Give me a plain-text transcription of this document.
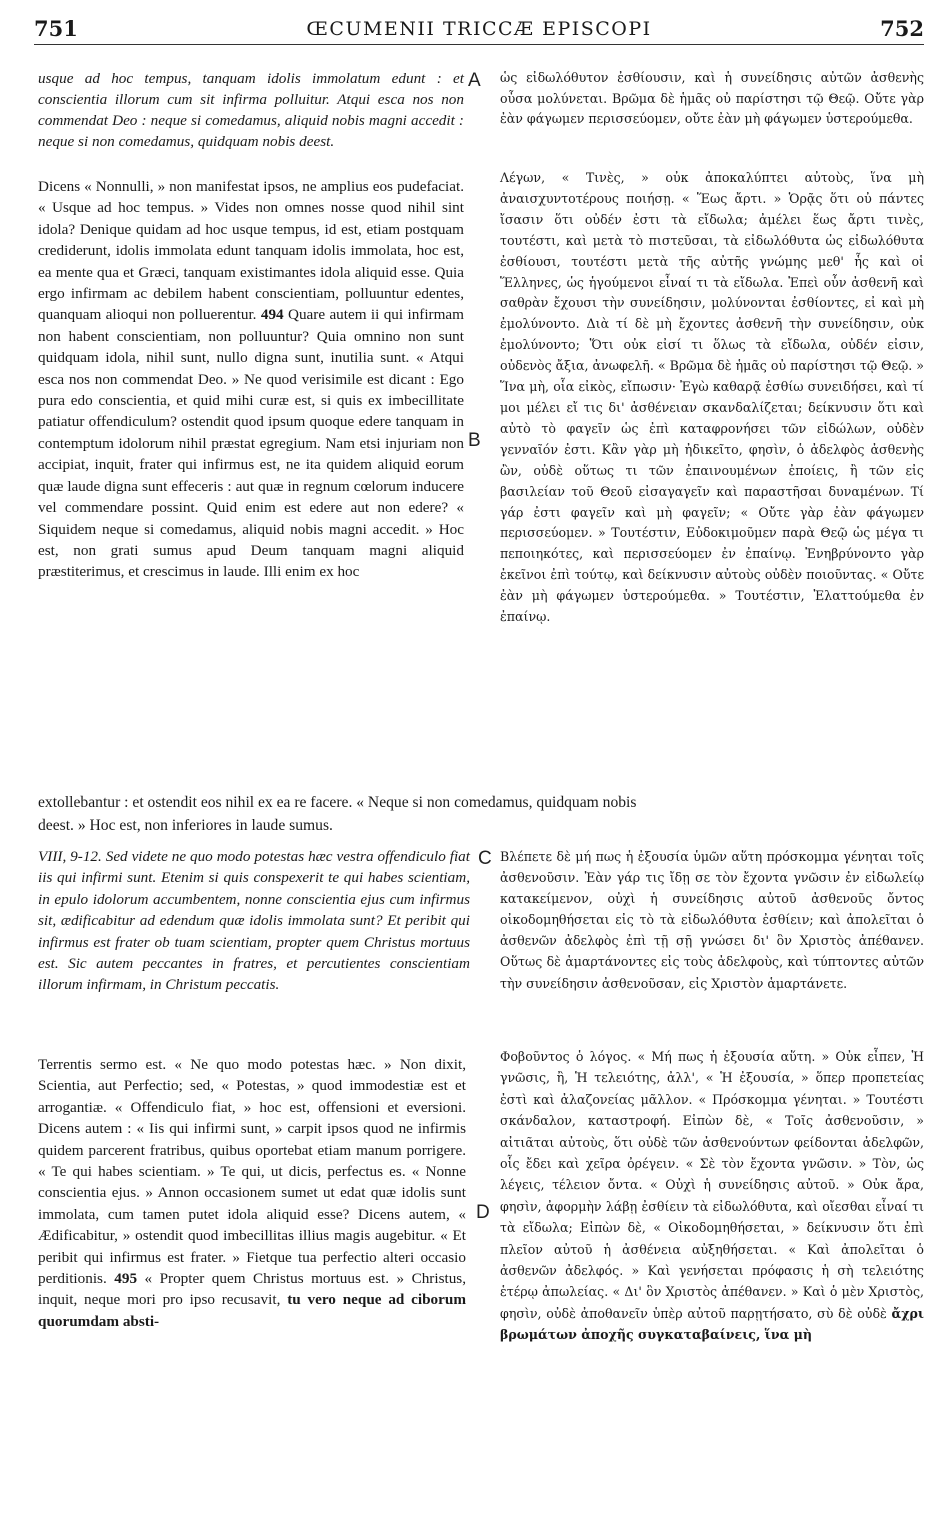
751	ŒCUMENII TRICCÆ EPISCOPI	752
A
B
C
D

usque ad hoc tempus, tanquam idolis immolatum edunt : et conscientia illorum cum sit infirma polluitur. Atqui esca nos non commendat Deo : neque si comedamus, aliquid nobis magni accedit : neque si non comedamus, quidquam nobis deest.

Dicens « Nonnulli, » non manifestat ipsos, ne amplius eos pudefaciat. « Usque ad hoc tempus. » Vides non omnes nosse quod nihil sint idola? Denique quidam ad hoc usque tempus, id est, etiam postquam crediderunt, idolis immolata edunt tanquam idolis immolata, hoc est, ea mente qua et Græci, tanquam existimantes idola aliquid esse. Quia ergo infirmam ac debilem habent conscientiam, polluuntur edentes, quanquam alioqui non polluerentur. 494 Quare autem ii qui infirmam non habent conscientiam, non polluuntur? Quia omnino non sunt quidquam idola, nihil sunt, nullo digna sunt, inutilia sunt. « Atqui esca nos non commendat Deo. » Ne quod verisimile est dicant : Ego pura edo conscientia, et quid mihi curæ est, si quis ex imbecillitate patiatur offendiculum? ostendit quod ipsum quoque edere tanquam in contemptum idolorum nihil præstat egregium. Nam etsi injuriam non accipiat, inquit, frater qui infirmus est, ne ita quidem aliquid eorum quæ laude digna sunt effeceris : aut quæ in regnum cœlorum inducere vel commendare possint. Quid enim est edere aut non edere? « Siquidem neque si comedamus, aliquid nobis magni accedit. » Hoc est, non grati sumus apud Deum tanquam magni aliquid præstiterimus, et crescimus in laude. Illi enim ex hoc

extollebantur : et ostendit eos nihil ex ea re facere. « Neque si non comedamus, quidquam nobis
deest. » Hoc est, non inferiores in laude sumus.

VIII, 9-12. Sed videte ne quo modo potestas hæc vestra offendiculo fiat iis qui infirmi sunt. Etenim si quis conspexerit te qui habes scientiam, in epulo idolorum accumbentem, nonne conscientia ejus cum infirmus sit, ædificabitur ad edendum quæ idolis immolata sunt? Et peribit qui infirmus est frater ob tuam scientiam, propter quem Christus mortuus est. Sic autem peccantes in fratres, et percutientes conscientiam illorum infirmam, in Christum peccatis.

Terrentis sermo est. « Ne quo modo potestas hæc. » Non dixit, Scientia, aut Perfectio; sed, « Potestas, » quod immodestiæ est et arrogantiæ. « Offendiculo fiat, » hoc est, offensioni et eversioni. Dicens autem : « Iis qui infirmi sunt, » carpit ipsos quod ne infirmis quidem parcerent fratribus, quibus oportebat etiam manum porrigere. « Te qui habes scientiam. » Te qui, ut dicis, perfectus es. « Nonne conscientia ejus. » Annon occasionem sumet ut edat quæ idolis sunt immolata, cum tamen putet idola aliquid esse? Dicens autem, « Ædificabitur, » ostendit quod imbecillitas illius magis augebitur. « Et peribit qui infirmus est frater. » Fietque tua perfectio alteri occasio perditionis. 495 « Propter quem Christus mortuus est. » Christus, inquit, neque mori pro ipso recusavit, tu vero neque ad ciborum quorumdam absti-

ὡς εἰδωλόθυτον ἐσθίουσιν, καὶ ἡ συνείδησις αὐτῶν ἀσθενὴς οὖσα μολύνεται. Βρῶμα δὲ ἡμᾶς οὐ παρίστησι τῷ Θεῷ. Οὔτε γὰρ ἐὰν φάγωμεν περισσεύομεν, οὔτε ἐὰν μὴ φάγωμεν ὑστερούμεθα.

Λέγων, « Τινὲς, » οὐκ ἀποκαλύπτει αὐτοὺς, ἵνα μὴ ἀναισχυντοτέρους ποιήσῃ. « Ἕως ἄρτι. » Ὁρᾷς ὅτι οὐ πάντες ἴσασιν ὅτι οὐδέν ἐστι τὰ εἴδωλα; ἀμέλει ἕως ἄρτι τινὲς, τουτέστι, καὶ μετὰ τὸ πιστεῦσαι, τὰ εἰδωλόθυτα ὡς εἰδωλόθυτα ἐσθίουσι, τουτέστι μετὰ τῆς αὐτῆς γνώμης μεθ' ἧς καὶ οἱ Ἕλληνες, ὡς ἡγούμενοι εἶναί τι τὰ εἴδωλα. Ἐπεὶ οὖν ἀσθενῆ καὶ σαθρὰν ἔχουσι τὴν συνείδησιν, μολύνονται ἐσθίοντες, εἰ καὶ μὴ ἐμολύνοντο. Διὰ τί δὲ μὴ ἔχοντες ἀσθενῆ τὴν συνείδησιν, οὐκ ἐμολύνοντο; Ὅτι οὐκ εἰσί τι ὅλως τὰ εἴδωλα, οὐδέν εἰσιν, οὐδενὸς ἄξια, ἀνωφελῆ. « Βρῶμα δὲ ἡμᾶς οὐ παρίστησι τῷ Θεῷ. » Ἵνα μὴ, οἷα εἰκὸς, εἴπωσιν· Ἐγὼ καθαρᾷ ἐσθίω συνειδήσει, καὶ τί μοι μέλει εἴ τις δι' ἀσθένειαν σκανδαλίζεται; δείκνυσιν ὅτι καὶ αὐτὸ τὸ φαγεῖν ὡς ἐπὶ καταφρονήσει τῶν εἰδώλων, οὐδὲν γενναῖόν ἐστι. Κἂν γὰρ μὴ ἠδικεῖτο, φησὶν, ὁ ἀδελφὸς ἀσθενὴς ὢν, οὐδὲ οὕτως τι τῶν ἐπαινουμένων ἐποίεις, ἢ τῶν εἰς βασιλείαν τοῦ Θεοῦ εἰσαγαγεῖν καὶ παραστῆσαι δυναμένων. Τί γάρ ἐστι φαγεῖν καὶ μὴ φαγεῖν; « Οὔτε γὰρ ἐὰν φάγωμεν περισσεύομεν. » Τουτέστιν, Εὐδοκιμοῦμεν παρὰ Θεῷ ὡς μέγα τι πεποιηκότες, καὶ περισσεύομεν ἐν ἐπαίνῳ. Ἐνηβρύνοντο γὰρ ἐκεῖνοι ἐπὶ τούτῳ, καὶ δείκνυσιν αὐτοὺς οὐδὲν ποιοῦντας. « Οὔτε ἐὰν μὴ φάγωμεν ὑστερούμεθα. » Τουτέστιν, Ἐλαττούμεθα ἐν ἐπαίνῳ.

Βλέπετε δὲ μή πως ἡ ἐξουσία ὑμῶν αὕτη πρόσκομμα γένηται τοῖς ἀσθενοῦσιν. Ἐὰν γάρ τις ἴδῃ σε τὸν ἔχοντα γνῶσιν ἐν εἰδωλείῳ κατακείμενον, οὐχὶ ἡ συνείδησις αὐτοῦ ἀσθενοῦς ὄντος οἰκοδομηθήσεται εἰς τὸ τὰ εἰδωλόθυτα ἐσθίειν; καὶ ἀπολεῖται ὁ ἀσθενῶν ἀδελφὸς ἐπὶ τῇ σῇ γνώσει δι' ὃν Χριστὸς ἀπέθανεν. Οὕτως δὲ ἁμαρτάνοντες εἰς τοὺς ἀδελφοὺς, καὶ τύπτοντες αὐτῶν τὴν συνείδησιν ἀσθενοῦσαν, εἰς Χριστὸν ἁμαρτάνετε.

Φοβοῦντος ὁ λόγος. « Μή πως ἡ ἐξουσία αὕτη. » Οὐκ εἶπεν, Ἡ γνῶσις, ἢ, Ἡ τελειότης, ἀλλ', « Ἡ ἐξουσία, » ὅπερ προπετείας ἐστὶ καὶ ἀλαζονείας μᾶλλον. « Πρόσκομμα γένηται. » Τουτέστι σκάνδαλον, καταστροφή. Εἰπὼν δὲ, « Τοῖς ἀσθενοῦσιν, » αἰτιᾶται αὐτοὺς, ὅτι οὐδὲ τῶν ἀσθενούντων φείδονται ἀδελφῶν, οἷς ἔδει καὶ χεῖρα ὀρέγειν. « Σὲ τὸν ἔχοντα γνῶσιν. » Τὸν, ὡς λέγεις, τέλειον ὄντα. « Οὐχὶ ἡ συνείδησις αὐτοῦ. » Οὐκ ἄρα, φησὶν, ἀφορμὴν λάβῃ ἐσθίειν τὰ εἰδωλόθυτα, καὶ οἴεσθαι εἶναί τι τὰ εἴδωλα; Εἰπὼν δὲ, « Οἰκοδομηθήσεται, » δείκνυσιν ὅτι ἐπὶ πλεῖον αὐτοῦ ἡ ἀσθένεια αὐξηθήσεται. « Καὶ ἀπολεῖται ὁ ἀσθενῶν ἀδελφός. » Καὶ γενήσεται πρόφασις ἡ σὴ τελειότης ἑτέρῳ ἀπωλείας. « Δι' ὃν Χριστὸς ἀπέθανεν. » Καὶ ὁ μὲν Χριστὸς, φησὶν, οὐδὲ ἀποθανεῖν ὑπὲρ αὐτοῦ παρῃτήσατο, σὺ δὲ οὐδὲ ἄχρι βρωμάτων ἀποχῆς συγκαταβαίνεις, ἵνα μὴ
